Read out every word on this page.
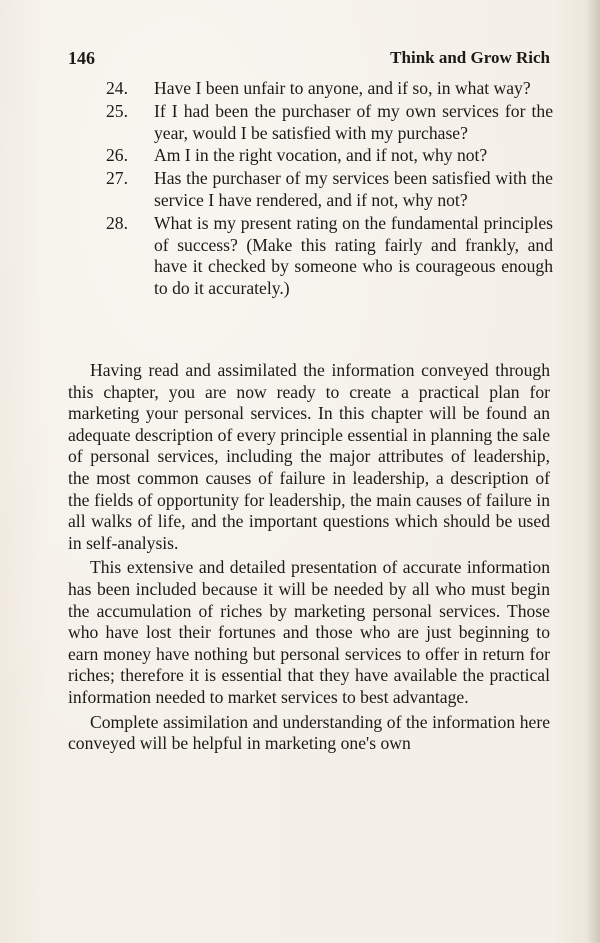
146	Think and Grow Rich
24. Have I been unfair to anyone, and if so, in what way?
25. If I had been the purchaser of my own services for the year, would I be satisfied with my purchase?
26. Am I in the right vocation, and if not, why not?
27. Has the purchaser of my services been satisfied with the service I have rendered, and if not, why not?
28. What is my present rating on the fundamental principles of success? (Make this rating fairly and frankly, and have it checked by someone who is courageous enough to do it accurately.)

Having read and assimilated the information conveyed through this chapter, you are now ready to create a practical plan for marketing your personal services. In this chapter will be found an adequate description of every principle essential in planning the sale of personal services, including the major attributes of leadership, the most common causes of failure in leadership, a description of the fields of opportunity for leadership, the main causes of failure in all walks of life, and the important questions which should be used in self-analysis.

This extensive and detailed presentation of accurate information has been included because it will be needed by all who must begin the accumulation of riches by marketing personal services. Those who have lost their fortunes and those who are just beginning to earn money have nothing but personal services to offer in return for riches; therefore it is essential that they have available the practical information needed to market services to best advantage.

Complete assimilation and understanding of the information here conveyed will be helpful in marketing one's own
